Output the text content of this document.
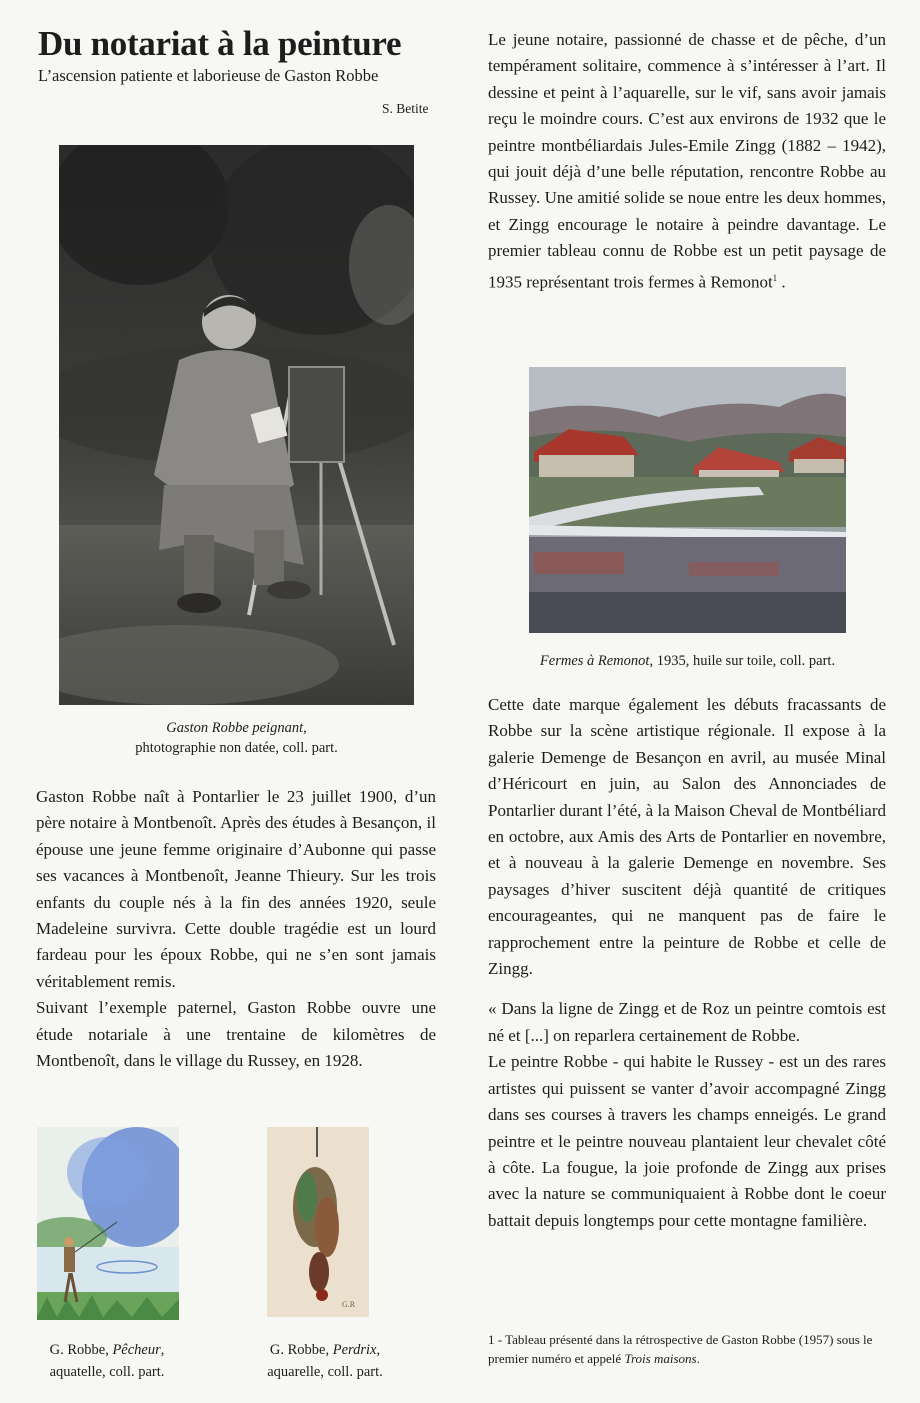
Du notariat à la peinture
L’ascension patiente et laborieuse de Gaston Robbe
S. Betite
Gaston Robbe peignant,
phtotographie non datée, coll. part.

Gaston Robbe naît à Pontarlier le 23 juillet 1900, d’un père notaire à Montbenoît. Après des études à Besançon, il épouse une jeune femme originaire d’Aubonne qui passe ses vacances à Montbenoît, Jeanne Thieury. Sur les trois enfants du couple nés à la fin des années 1920, seule Madeleine survivra. Cette double tragédie est un lourd fardeau pour les époux Robbe, qui ne s’en sont jamais véritablement remis.

Suivant l’exemple paternel, Gaston Robbe ouvre une étude notariale à une trentaine de kilomètres de Montbenoît, dans le village du Russey, en 1928.

G. Robbe, Pêcheur,
aquatelle, coll. part.
G.R
G. Robbe, Perdrix,
aquarelle, coll. part.

Le jeune notaire, passionné de chasse et de pêche, d’un tempérament solitaire, commence à s’intéresser à l’art. Il dessine et peint à l’aquarelle, sur le vif, sans avoir jamais reçu le moindre cours. C’est aux environs de 1932 que le peintre montbéliardais Jules-Emile Zingg (1882 – 1942), qui jouit déjà d’une belle réputation, rencontre Robbe au Russey. Une amitié solide se noue entre les deux hommes, et Zingg encourage le notaire à peindre davantage. Le premier tableau connu de Robbe est un petit paysage de 1935 représentant trois fermes à Remonot$^1$ .

Fermes à Remonot, 1935, huile sur toile, coll. part.

Cette date marque également les débuts fracassants de Robbe sur la scène artistique régionale. Il expose à la galerie Demenge de Besançon en avril, au musée Minal d’Héricourt en juin, au Salon des Annonciades de Pontarlier durant l’été, à la Maison Cheval de Montbéliard en octobre, aux Amis des Arts de Pontarlier en novembre, et à nouveau à la galerie Demenge en novembre. Ses paysages d’hiver suscitent déjà quantité de critiques encourageantes, qui ne manquent pas de faire le rapprochement entre la peinture de Robbe et celle de Zingg.

« Dans la ligne de Zingg et de Roz un peintre comtois est né et [...] on reparlera certainement de Robbe.

Le peintre Robbe - qui habite le Russey - est un des rares artistes qui puissent se vanter d’avoir accompagné Zingg dans ses courses à travers les champs enneigés. Le grand peintre et le peintre nouveau plantaient leur chevalet côté à côte. La fougue, la joie profonde de Zingg aux prises avec la nature se communiquaient à Robbe dont le coeur battait depuis longtemps pour cette montagne familière.

1 - Tableau présenté dans la rétrospective de Gaston Robbe (1957) sous le premier numéro et appelé Trois maisons.
